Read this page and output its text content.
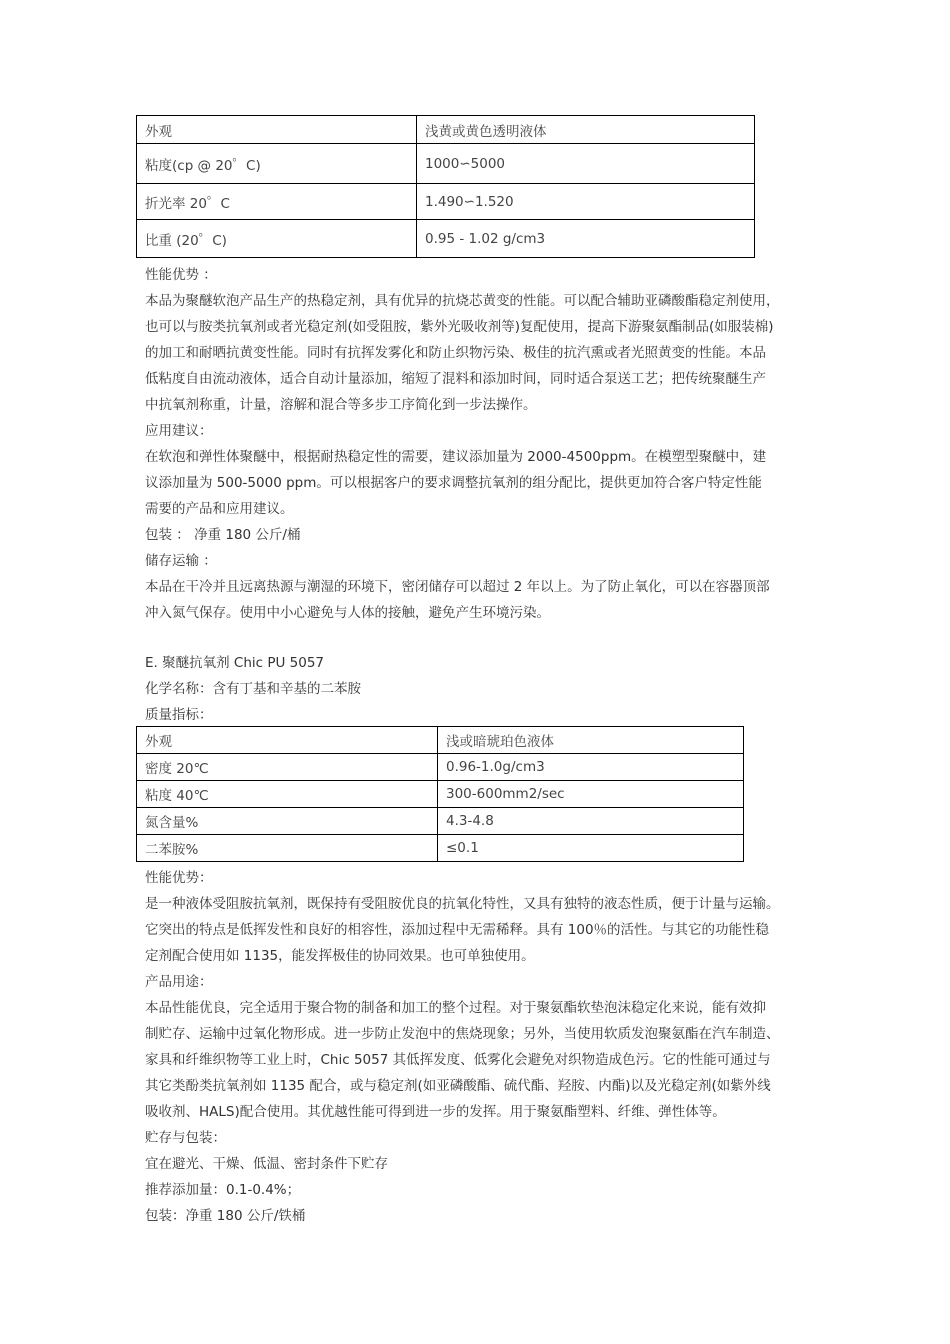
外观	浅黄或黄色透明液体
粘度(cp @ 20゜C)	1000∽5000
折光率 20゜C	1.490∽1.520
比重 (20゜C)	0.95 - 1.02 g/cm3
性能优势 ：
本品为聚醚软泡产品生产的热稳定剂，具有优异的抗烧芯黄变的性能。可以配合辅助亚磷酸酯稳定剂使用，
也可以与胺类抗氧剂或者光稳定剂(如受阻胺，紫外光吸收剂等)复配使用，提高下游聚氨酯制品(如服装棉)
的加工和耐晒抗黄变性能。同时有抗挥发雾化和防止织物污染、极佳的抗汽熏或者光照黄变的性能。本品
低粘度自由流动液体，适合自动计量添加，缩短了混料和添加时间，同时适合泵送工艺；把传统聚醚生产
中抗氧剂称重，计量，溶解和混合等多步工序简化到一步法操作。
应用建议：
在软泡和弹性体聚醚中，根据耐热稳定性的需要，建议添加量为 2000-4500ppm。在模塑型聚醚中，建
议添加量为 500-5000 ppm。可以根据客户的要求调整抗氧剂的组分配比，提供更加符合客户特定性能
需要的产品和应用建议。
包装 ： 净重 180 公斤/桶
储存运输 ：
本品在干冷并且远离热源与潮湿的环境下，密闭储存可以超过 2 年以上。为了防止氧化，可以在容器顶部
冲入氮气保存。使用中小心避免与人体的接触，避免产生环境污染。
E. 聚醚抗氧剂 Chic PU 5057
化学名称：含有丁基和辛基的二苯胺
质量指标：
外观	浅或暗琥珀色液体
密度 20℃	0.96-1.0g/cm3
粘度 40℃	300-600mm2/sec
氮含量%	4.3-4.8
二苯胺%	≤0.1
性能优势：
是一种液体受阻胺抗氧剂，既保持有受阻胺优良的抗氧化特性，又具有独特的液态性质，便于计量与运输。
它突出的特点是低挥发性和良好的相容性，添加过程中无需稀释。具有 100％的活性。与其它的功能性稳
定剂配合使用如 1135，能发挥极佳的协同效果。也可单独使用。
产品用途：
本品性能优良，完全适用于聚合物的制备和加工的整个过程。对于聚氨酯软垫泡沫稳定化来说，能有效抑
制贮存、运输中过氧化物形成。进一步防止发泡中的焦烧现象；另外，当使用软质发泡聚氨酯在汽车制造、
家具和纤维织物等工业上时，Chic 5057 其低挥发度、低雾化会避免对织物造成色污。它的性能可通过与
其它类酚类抗氧剂如 1135 配合，或与稳定剂(如亚磷酸酯、硫代酯、羟胺、内酯)以及光稳定剂(如紫外线
吸收剂、HALS)配合使用。其优越性能可得到进一步的发挥。用于聚氨酯塑料、纤维、弹性体等。
贮存与包装：
宜在避光、干燥、低温、密封条件下贮存
推荐添加量：0.1-0.4%；
包装：净重 180 公斤/铁桶
